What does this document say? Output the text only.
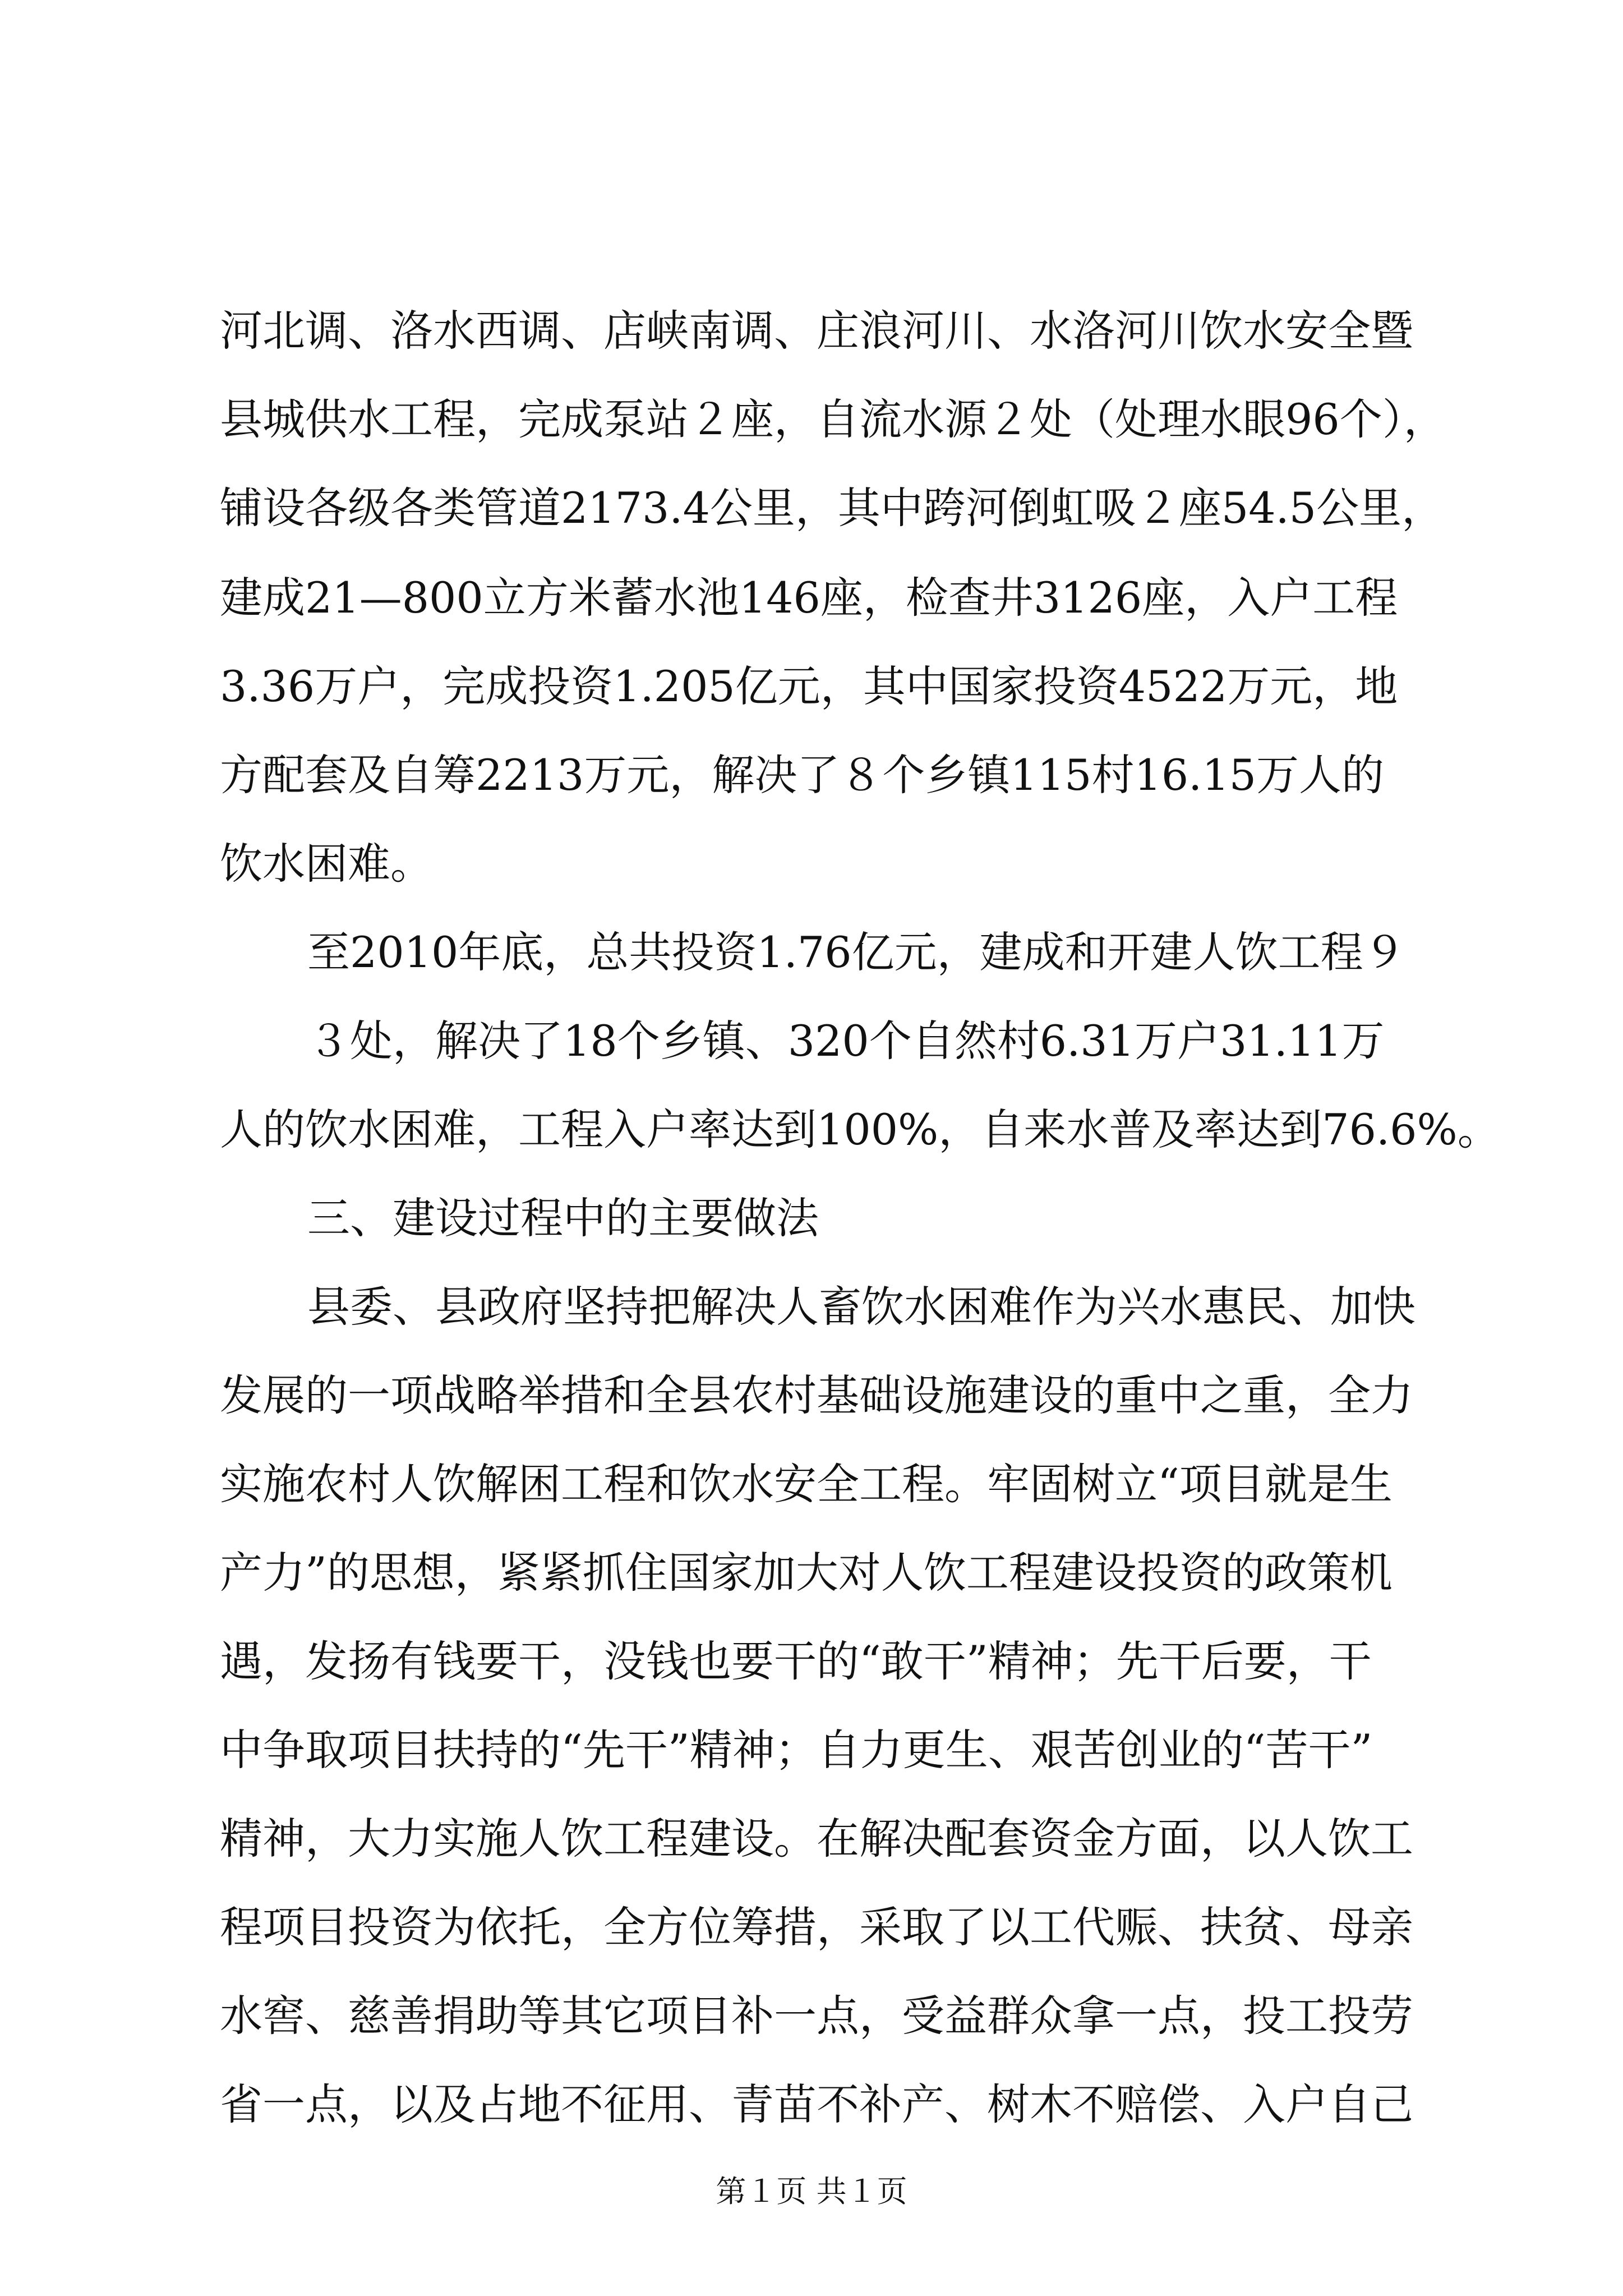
河北调、洛水西调、店峡南调、庄浪河川、水洛河川饮水安全暨
县城供水工程，完成泵站２座，自流水源２处（处理水眼96个），
铺设各级各类管道2173.4公里，其中跨河倒虹吸２座54.5公里，
建成21—800立方米蓄水池146座，检查井3126座，入户工程
3.36万户，完成投资1.205亿元，其中国家投资4522万元，地
方配套及自筹2213万元，解决了８个乡镇115村16.15万人的
饮水困难。
至2010年底，总共投资1.76亿元，建成和开建人饮工程９
３处，解决了18个乡镇、320个自然村6.31万户31.11万
人的饮水困难，工程入户率达到100%，自来水普及率达到76.6%。
三、建设过程中的主要做法
县委、县政府坚持把解决人畜饮水困难作为兴水惠民、加快
发展的一项战略举措和全县农村基础设施建设的重中之重，全力
实施农村人饮解困工程和饮水安全工程。牢固树立“项目就是生
产力”的思想，紧紧抓住国家加大对人饮工程建设投资的政策机
遇，发扬有钱要干，没钱也要干的“敢干”精神；先干后要，干
中争取项目扶持的“先干”精神；自力更生、艰苦创业的“苦干”
精神，大力实施人饮工程建设。在解决配套资金方面，以人饮工
程项目投资为依托，全方位筹措，采取了以工代赈、扶贫、母亲
水窖、慈善捐助等其它项目补一点，受益群众拿一点，投工投劳
省一点，以及占地不征用、青苗不补产、树木不赔偿、入户自己
第１页 共１页
